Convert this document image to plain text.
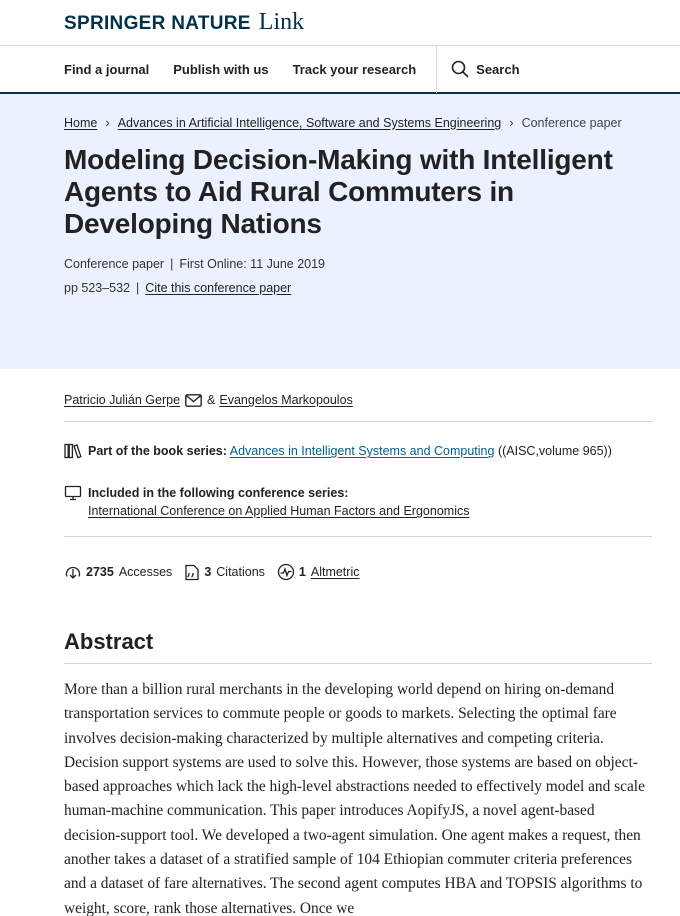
SPRINGER NATURE Link
Find a journal Publish with us Track your research	Search
Home › Advances in Artificial Intelligence, Software and Systems Engineering › Conference paper
Modeling Decision-Making with Intelligent Agents to Aid Rural Commuters in Developing Nations
Conference paper | First Online: 11 June 2019
pp 523–532 | Cite this conference paper
Patricio Julián Gerpe & Evangelos Markopoulos
Part of the book series: Advances in Intelligent Systems and Computing ((AISC,volume 965))
Included in the following conference series:
International Conference on Applied Human Factors and Ergonomics
2735 Accesses	3 Citations	1 Altmetric
Abstract

More than a billion rural merchants in the developing world depend on hiring on-demand transportation services to commute people or goods to markets. Selecting the optimal fare involves decision-making characterized by multiple alternatives and competing criteria. Decision support systems are used to solve this. However, those systems are based on object-based approaches which lack the high-level abstractions needed to effectively model and scale human-machine communication. This paper introduces AopifyJS, a novel agent-based decision-support tool. We developed a two-agent simulation. One agent makes a request, then another takes a dataset of a stratified sample of 104 Ethiopian commuter criteria preferences and a dataset of fare alternatives. The second agent computes HBA and TOPSIS algorithms to weight, score, rank those alternatives. Once we
